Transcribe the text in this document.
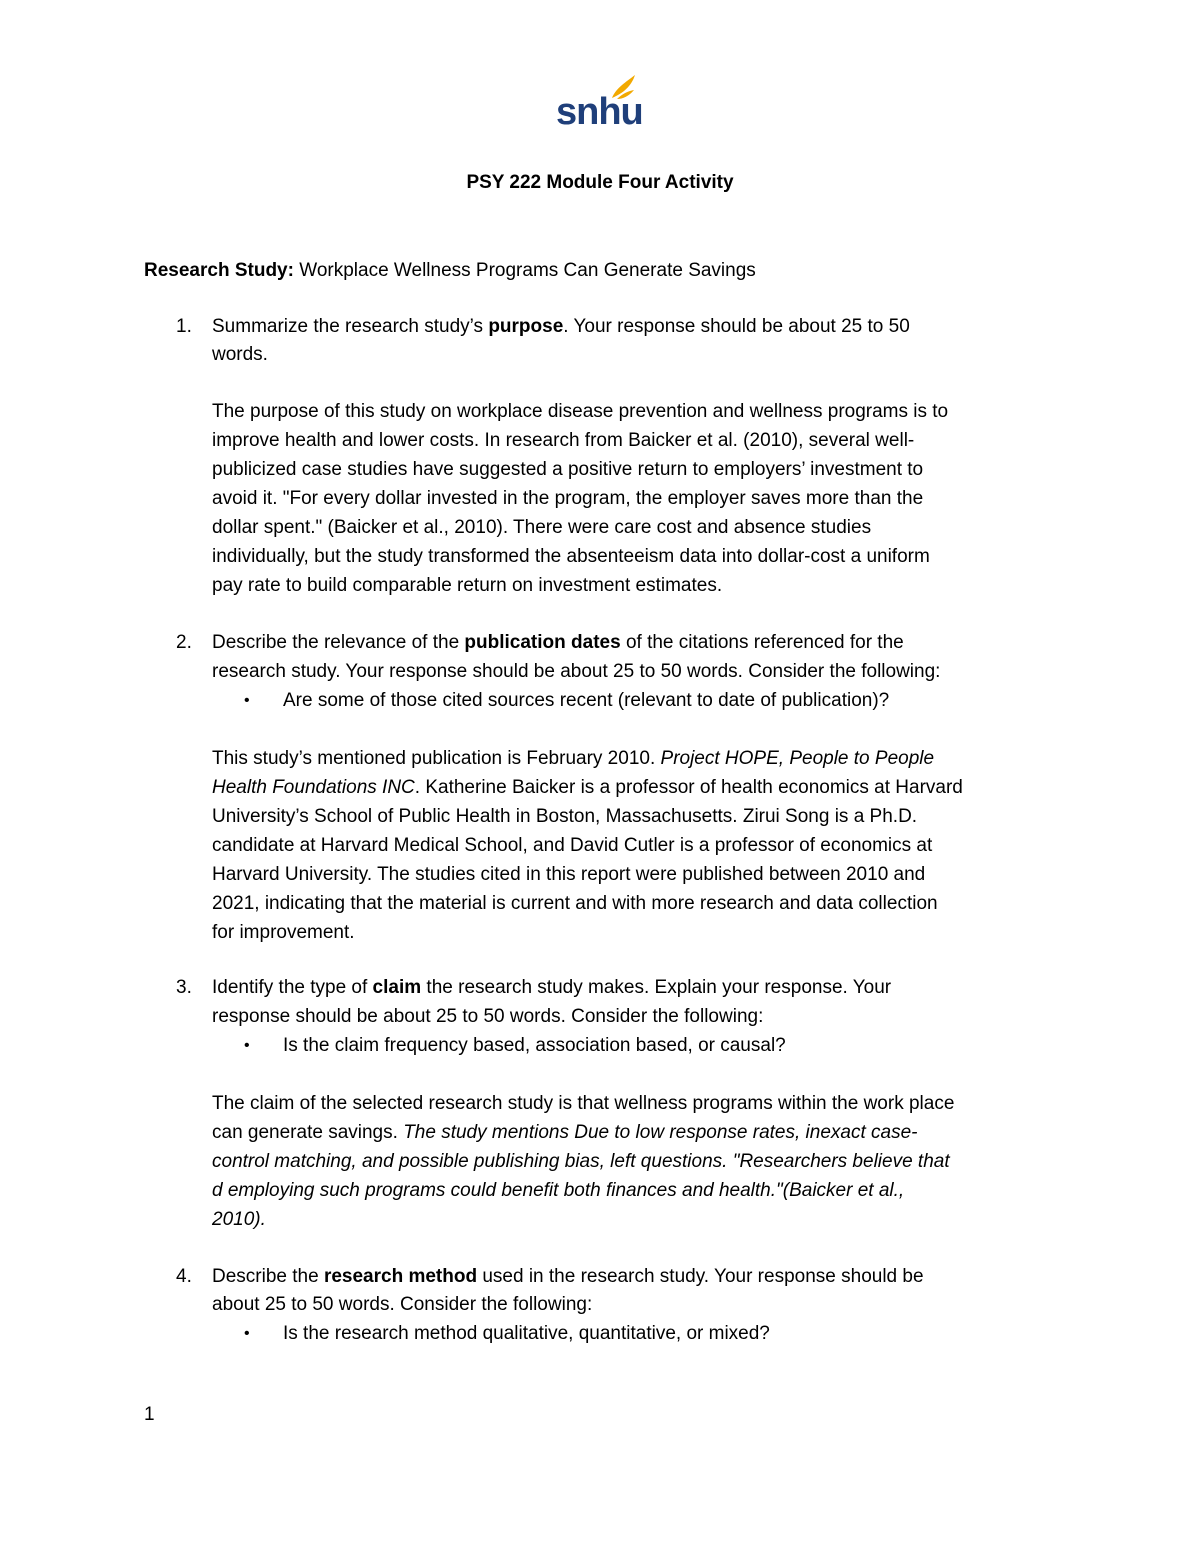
snhu
PSY 222 Module Four Activity
Research Study: Workplace Wellness Programs Can Generate Savings
1. Summarize the research study’s purpose. Your response should be about 25 to 50
words.
The purpose of this study on workplace disease prevention and wellness programs is to
improve health and lower costs. In research from Baicker et al. (2010), several well-
publicized case studies have suggested a positive return to employers’ investment to
avoid it. "For every dollar invested in the program, the employer saves more than the
dollar spent." (Baicker et al., 2010). There were care cost and absence studies
individually, but the study transformed the absenteeism data into dollar-cost a uniform
pay rate to build comparable return on investment estimates.
2. Describe the relevance of the publication dates of the citations referenced for the
research study. Your response should be about 25 to 50 words. Consider the following:
• Are some of those cited sources recent (relevant to date of publication)?
This study’s mentioned publication is February 2010. Project HOPE, People to People
Health Foundations INC. Katherine Baicker is a professor of health economics at Harvard
University’s School of Public Health in Boston, Massachusetts. Zirui Song is a Ph.D.
candidate at Harvard Medical School, and David Cutler is a professor of economics at
Harvard University. The studies cited in this report were published between 2010 and
2021, indicating that the material is current and with more research and data collection
for improvement.
3. Identify the type of claim the research study makes. Explain your response. Your
response should be about 25 to 50 words. Consider the following:
• Is the claim frequency based, association based, or causal?
The claim of the selected research study is that wellness programs within the work place
can generate savings. The study mentions Due to low response rates, inexact case-
control matching, and possible publishing bias, left questions. "Researchers believe that
d employing such programs could benefit both finances and health."(Baicker et al.,
2010).
4. Describe the research method used in the research study. Your response should be
about 25 to 50 words. Consider the following:
• Is the research method qualitative, quantitative, or mixed?
1
